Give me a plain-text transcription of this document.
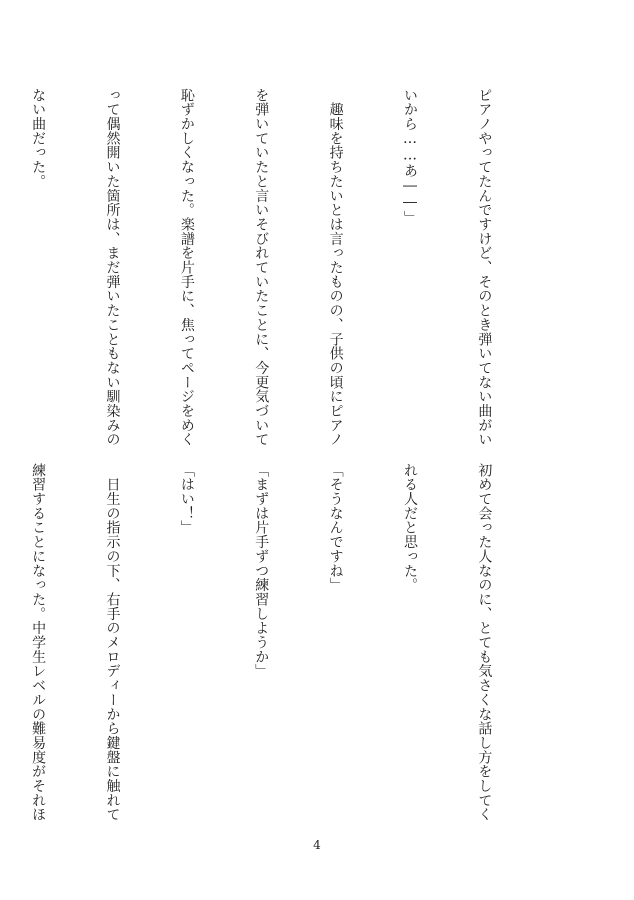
ピアノやってたんですけど、そのとき弾いてない曲がい

いから……あ――」

　趣味を持ちたいとは言ったものの、子供の頃にピアノ

を弾いていたと言いそびれていたことに、今更気づいて

恥ずかしくなった。楽譜を片手に、焦ってページをめく

って偶然開いた箇所は、まだ弾いたこともない馴染みの

ない曲だった。

初めて会った人なのに、とても気さくな話し方をしてく

れる人だと思った。

「そうなんですね」

「まずは片手ずつ練習しようか」

「はい！」

　日生の指示の下、右手のメロディーから鍵盤に触れて

練習することになった。中学生レベルの難易度がそれほ

4
